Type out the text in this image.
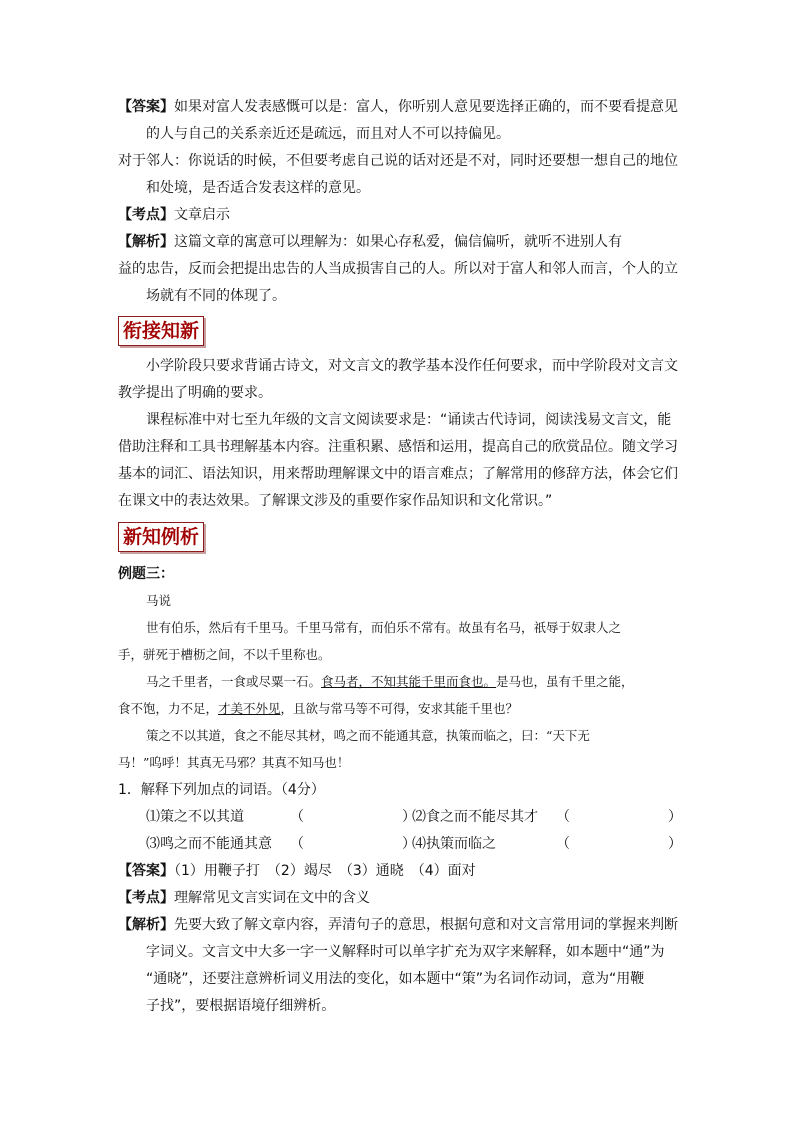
【答案】如果对富人发表感慨可以是：富人，你听别人意见要选择正确的，而不要看提意见
的人与自己的关系亲近还是疏远，而且对人不可以持偏见。
对于邻人：你说话的时候，不但要考虑自己说的话对还是不对，同时还要想一想自己的地位
和处境，是否适合发表这样的意见。
【考点】文章启示
【解析】这篇文章的寓意可以理解为：如果心存私爱，偏信偏听，就听不进别人有
益的忠告，反而会把提出忠告的人当成损害自己的人。所以对于富人和邻人而言，个人的立
场就有不同的体现了。
衔接知新
小学阶段只要求背诵古诗文，对文言文的教学基本没作任何要求，而中学阶段对文言文
教学提出了明确的要求。
课程标准中对七至九年级的文言文阅读要求是：“诵读古代诗词，阅读浅易文言文，能
借助注释和工具书理解基本内容。注重积累、感悟和运用，提高自己的欣赏品位。随文学习
基本的词汇、语法知识，用来帮助理解课文中的语言难点；了解常用的修辞方法，体会它们
在课文中的表达效果。了解课文涉及的重要作家作品知识和文化常识。”
新知例析
例题三：
马说
世有伯乐，然后有千里马。千里马常有，而伯乐不常有。故虽有名马，祇辱于奴隶人之
手，骈死于槽枥之间，不以千里称也。
马之千里者，一食或尽粟一石。食马者，不知其能千里而食也。是马也，虽有千里之能，
食不饱，力不足，才美不外见，且欲与常马等不可得，安求其能千里也？
策之不以其道，食之不能尽其材，鸣之而不能通其意，执策而临之，曰：“天下无
马！”呜呼！其真无马邪？其真不知马也！
1．解释下列加点的词语。（4分）
⑴策之不以其道	（　　　　　　　）
⑵食之而不能尽其才 （　　　　　　　）
⑶鸣之而不能通其意 （　　　　　　　）
⑷执策而临之	（　　　　　　　）
【答案】（1）用鞭子打　（2）竭尽　（3）通晓　（4）面对
【考点】理解常见文言实词在文中的含义
【解析】先要大致了解文章内容，弄清句子的意思，根据句意和对文言常用词的掌握来判断
字词义。文言文中大多一字一义解释时可以单字扩充为双字来解释，如本题中“通”为
“通晓”，还要注意辨析词义用法的变化，如本题中“策”为名词作动词，意为“用鞭
子找”，要根据语境仔细辨析。
